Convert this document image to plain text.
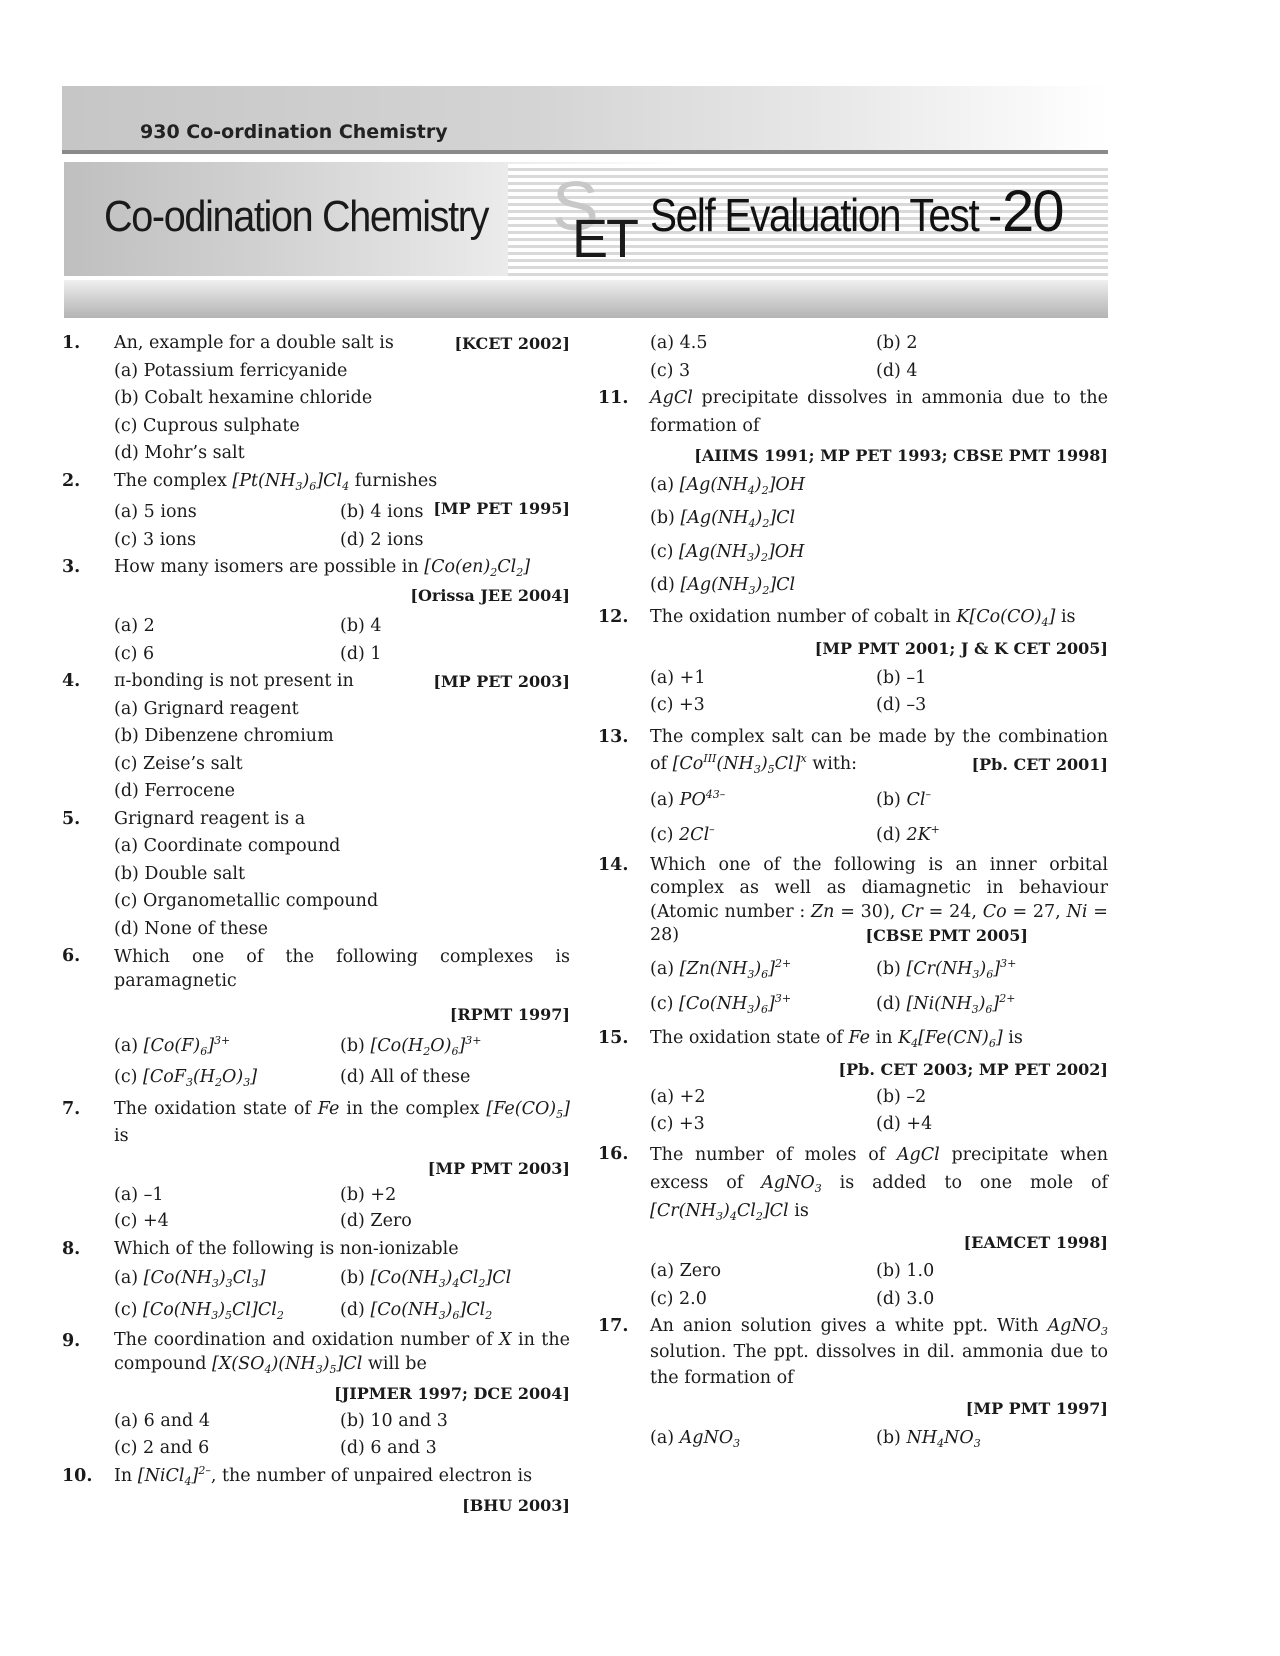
930 Co-ordination Chemistry
Co-odination Chemistry S
ET Self Evaluation Test - 20
1. An, example for a double salt is	[KCET 2002]
(a) Potassium ferricyanide
(b) Cobalt hexamine chloride
(c) Cuprous sulphate
(d) Mohr’s salt
2. The complex $[Pt(NH_3)_6]Cl_4$ furnishes
[MP PET 1995]
(a) 5 ions	(b) 4 ions
(c) 3 ions	(d) 2 ions
3. How many isomers are possible in $[Co(en)_2Cl_2]$
[Orissa JEE 2004]
(a) 2	(b) 4
(c) 6	(d) 1
4. π-bonding is not present in	[MP PET 2003]
(a) Grignard reagent
(b) Dibenzene chromium
(c) Zeise’s salt
(d) Ferrocene
5. Grignard reagent is a
(a) Coordinate compound
(b) Double salt
(c) Organometallic compound
(d) None of these
6. Which one of the following complexes is paramagnetic
[RPMT 1997]
(a) $[Co(F)_6]^{3+}$	(b) $[Co(H_2O)_6]^{3+}$
(c) $[CoF_3(H_2O)_3]$	(d) All of these
7. The oxidation state of Fe in the complex $[Fe(CO)_5]$ is
[MP PMT 2003]
(a) –1	(b) +2
(c) +4	(d) Zero
8. Which of the following is non-ionizable
(a) $[Co(NH_3)_3Cl_3]$	(b) $[Co(NH_3)_4Cl_2]Cl$
(c) $[Co(NH_3)_5Cl]Cl_2$	(d) $[Co(NH_3)_6]Cl_2$
9. The coordination and oxidation number of X in the compound $[X(SO_4)(NH_3)_5]Cl$ will be
[JIPMER 1997; DCE 2004]
(a) 6 and 4	(b) 10 and 3
(c) 2 and 6	(d) 6 and 3
10. In [NiCl$_4$]$^{2-}$, the number of unpaired electron is
[BHU 2003]
(a) 4.5	(b) 2
(c) 3	(d) 4
11. AgCl precipitate dissolves in ammonia due to the formation of
[AIIMS 1991; MP PET 1993; CBSE PMT 1998]
(a) $[Ag(NH_4)_2]OH$
(b) $[Ag(NH_4)_2]Cl$
(c) $[Ag(NH_3)_2]OH$
(d) $[Ag(NH_3)_2]Cl$
12. The oxidation number of cobalt in $K[Co(CO)_4]$ is
[MP PMT 2001; J & K CET 2005]
(a) +1	(b) –1
(c) +3	(d) –3
13. The complex salt can be made by the combination of $[Co^{III}(NH_3)_5Cl]^x$ with:	[Pb. CET 2001]
(a) $PO^{43-}$	(b) Cl–
(c) 2Cl–	(d) 2K+
14. Which one of the following is an inner orbital complex as well as diamagnetic in behaviour (Atomic number : Zn = 30), Cr = 24, Co = 27, Ni = 28)	[CBSE PMT 2005]
(a) $[Zn(NH_3)_6]^{2+}$	(b) $[Cr(NH_3)_6]^{3+}$
(c) $[Co(NH_3)_6]^{3+}$	(d) $[Ni(NH_3)_6]^{2+}$
15. The oxidation state of Fe in $K_4[Fe(CN)_6]$ is
[Pb. CET 2003; MP PET 2002]
(a) +2	(b) –2
(c) +3	(d) +4
16. The number of moles of AgCl precipitate when excess of AgNO$_3$ is added to one mole of $[Cr(NH_3)_4Cl_2]Cl$ is
[EAMCET 1998]
(a) Zero	(b) 1.0
(c) 2.0	(d) 3.0
17. An anion solution gives a white ppt. With AgNO$_3$ solution. The ppt. dissolves in dil. ammonia due to the formation of
[MP PMT 1997]
(a) AgNO$_3$	(b) $NH_4NO_3$
